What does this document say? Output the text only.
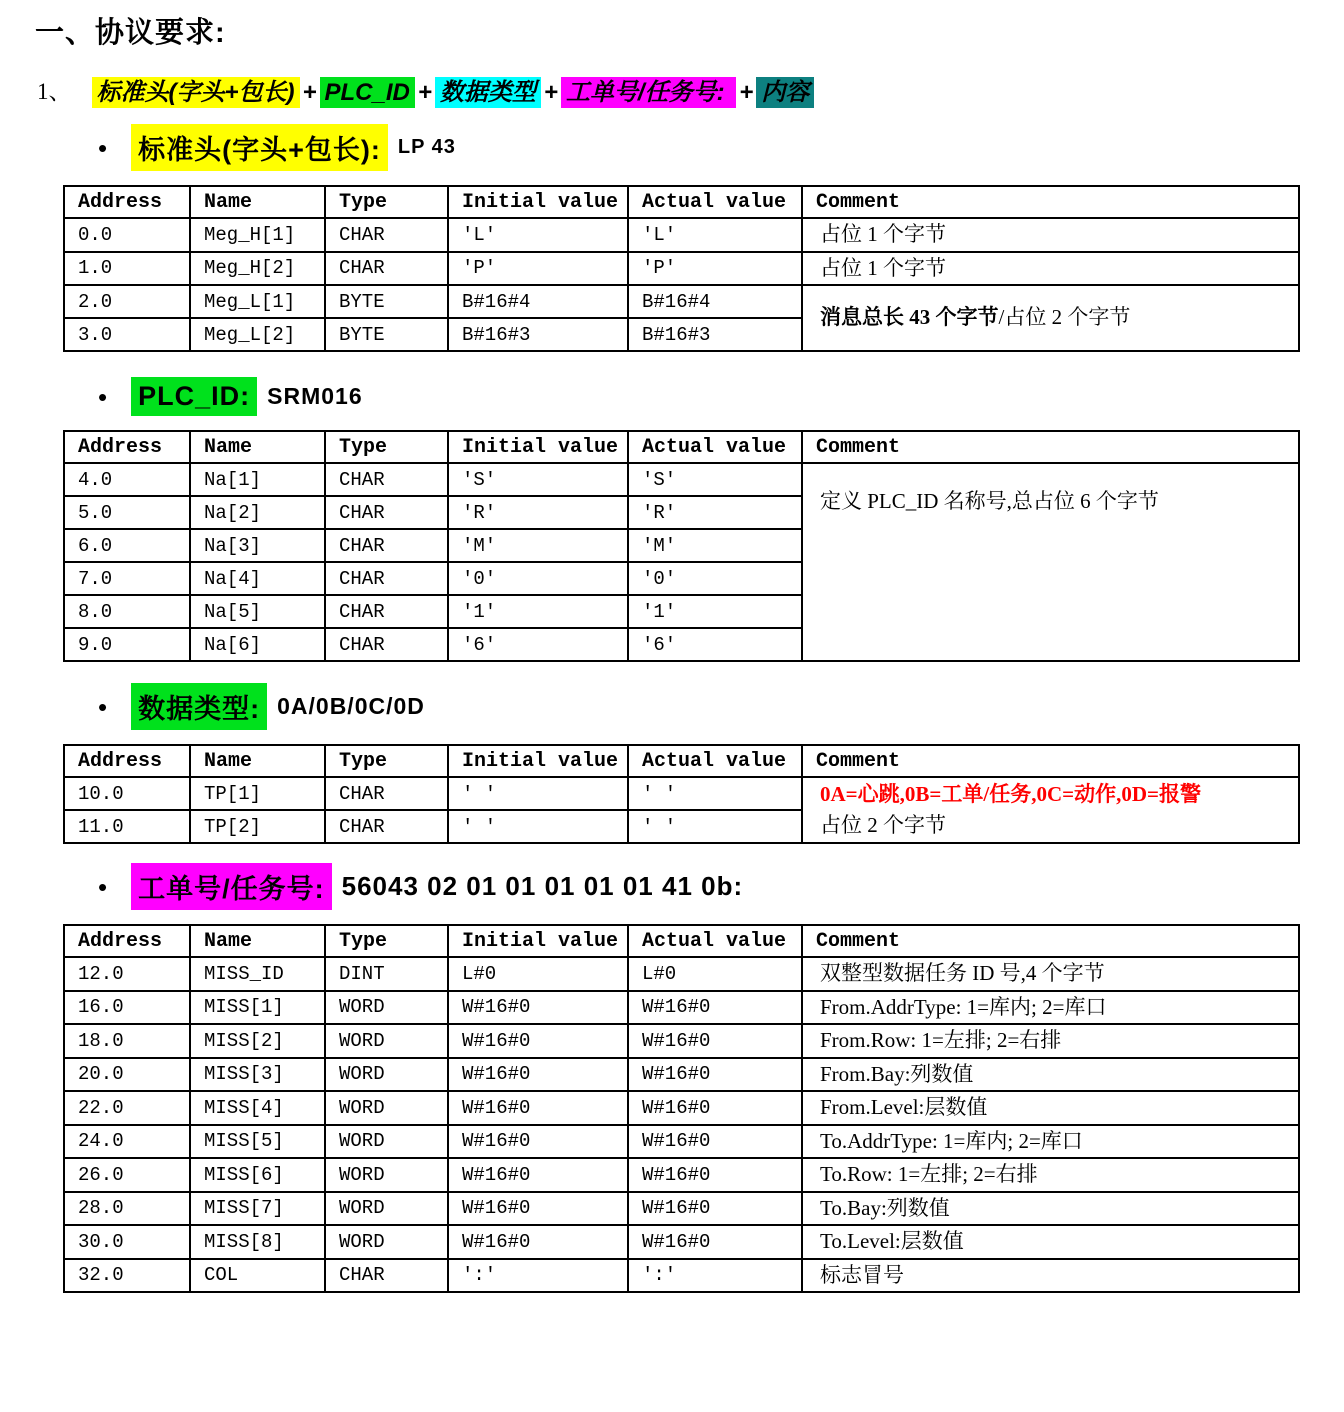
一、协议要求:
1、 标准头(字头+包长) + PLC_ID + 数据类型 + 工单号/任务号: + 内容
• 标准头(字头+包长): LP 43
Address	Name	Type	Initial value	Actual value	Comment
0.0	Meg_H[1]	CHAR	'L'	'L'	占位 1 个字节

1.0	Meg_H[2]	CHAR	'P'	'P'	占位 1 个字节

2.0	Meg_L[1]	BYTE	B#16#4	B#16#4	消息总长 43 个字节/占位 2 个字节

3.0	Meg_L[2]	BYTE	B#16#3	B#16#3	
• PLC_ID: SRM016
Address	Name	Type	Initial value	Actual value	Comment
4.0	Na[1]	CHAR	'S'	'S'	定义 PLC_ID 名称号,总占位 6 个字节

5.0	Na[2]	CHAR	'R'	'R'	
6.0	Na[3]	CHAR	'M'	'M'	
7.0	Na[4]	CHAR	'0'	'0'	
8.0	Na[5]	CHAR	'1'	'1'	
9.0	Na[6]	CHAR	'6'	'6'	
• 数据类型: 0A/0B/0C/0D
Address	Name	Type	Initial value	Actual value	Comment
10.0	TP[1]	CHAR	' '	' '	0A=心跳,0B=工单/任务,0C=动作,0D=报警
占位 2 个字节

11.0	TP[2]	CHAR	' '	' '	
• 工单号/任务号: 56043 02 01 01 01 01 01 41 0b:
Address	Name	Type	Initial value	Actual value	Comment
12.0	MISS_ID	DINT	L#0	L#0	双整型数据任务 ID 号,4 个字节

16.0	MISS[1]	WORD	W#16#0	W#16#0	From.AddrType: 1=库内; 2=库口

18.0	MISS[2]	WORD	W#16#0	W#16#0	From.Row: 1=左排; 2=右排

20.0	MISS[3]	WORD	W#16#0	W#16#0	From.Bay:列数值

22.0	MISS[4]	WORD	W#16#0	W#16#0	From.Level:层数值

24.0	MISS[5]	WORD	W#16#0	W#16#0	To.AddrType: 1=库内; 2=库口

26.0	MISS[6]	WORD	W#16#0	W#16#0	To.Row: 1=左排; 2=右排

28.0	MISS[7]	WORD	W#16#0	W#16#0	To.Bay:列数值

30.0	MISS[8]	WORD	W#16#0	W#16#0	To.Level:层数值

32.0	COL	CHAR	':'	':'	标志冒号
